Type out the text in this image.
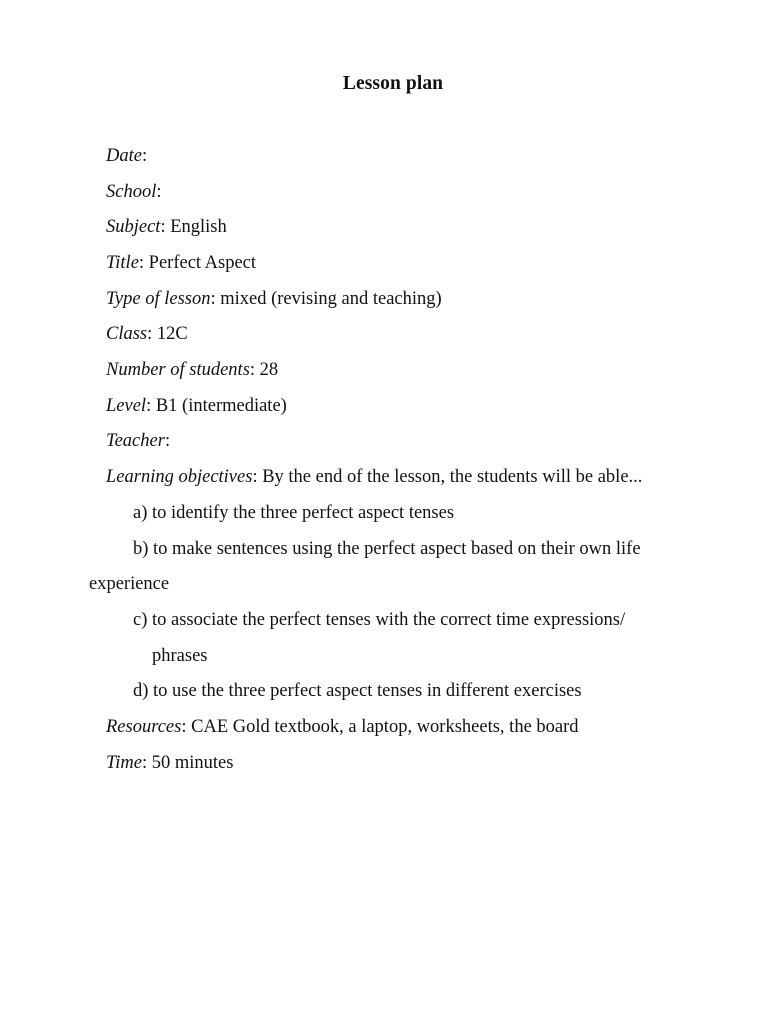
Lesson plan
Date:
School:
Subject: English
Title: Perfect Aspect
Type of lesson: mixed (revising and teaching)
Class: 12C
Number of students: 28
Level: B1 (intermediate)
Teacher:
Learning objectives: By the end of the lesson, the students will be able...
a) to identify the three perfect aspect tenses
b) to make sentences using the perfect aspect based on their own life
experience
c) to associate the perfect tenses with the correct time expressions/
phrases
d) to use the three perfect aspect tenses in different exercises
Resources: CAE Gold textbook, a laptop, worksheets, the board
Time: 50 minutes
